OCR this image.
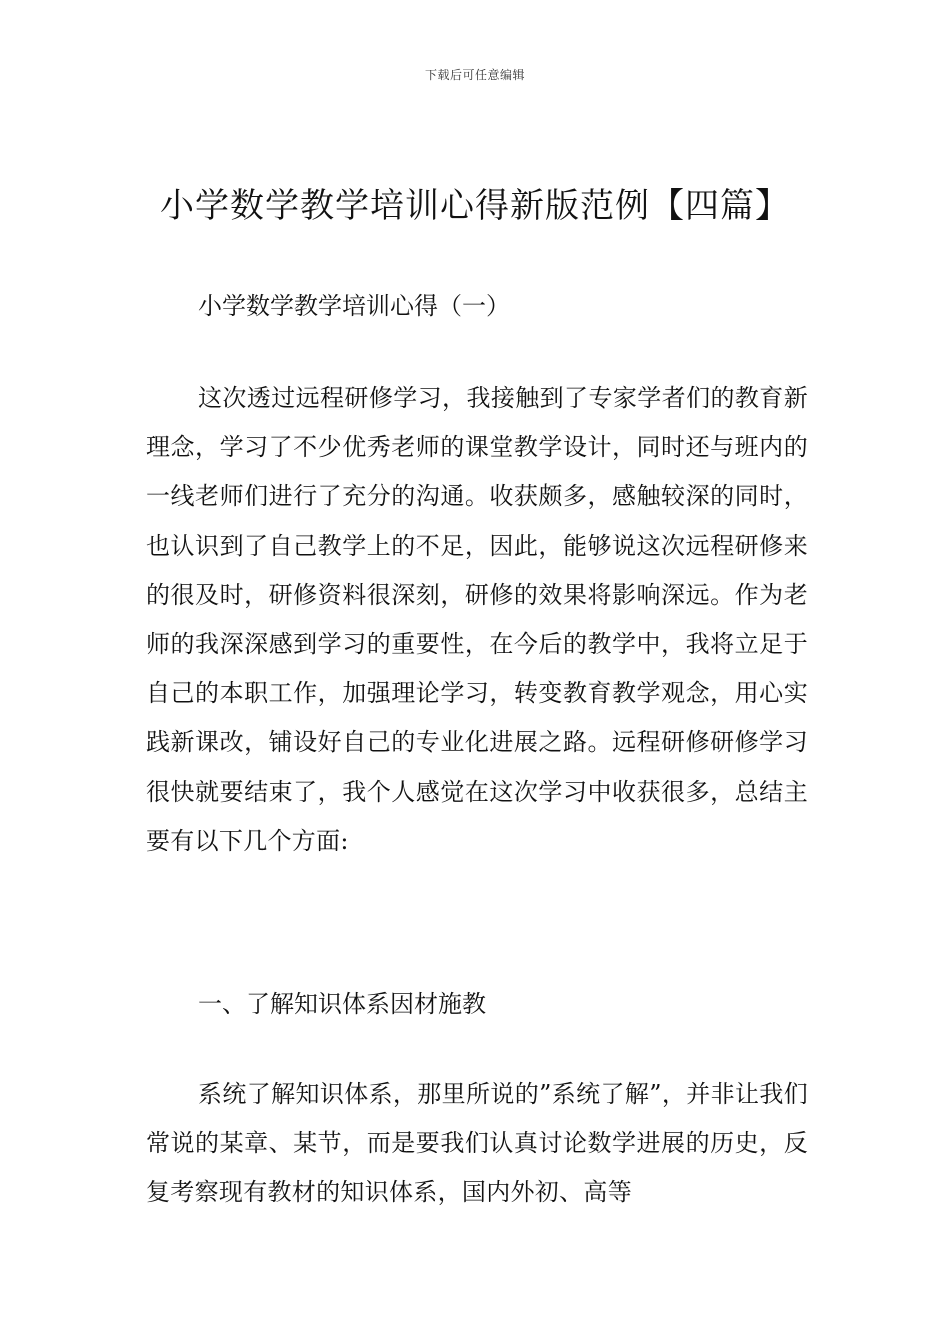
下载后可任意编辑
小学数学教学培训心得新版范例【四篇】

小学数学教学培训心得（一）

这次透过远程研修学习，我接触到了专家学者们的教育新理念，学习了不少优秀老师的课堂教学设计，同时还与班内的一线老师们进行了充分的沟通。收获颇多，感触较深的同时，也认识到了自己教学上的不足，因此，能够说这次远程研修来的很及时，研修资料很深刻，研修的效果将影响深远。作为老师的我深深感到学习的重要性，在今后的教学中，我将立足于自己的本职工作，加强理论学习，转变教育教学观念，用心实践新课改，铺设好自己的专业化进展之路。远程研修研修学习很快就要结束了，我个人感觉在这次学习中收获很多，总结主要有以下几个方面:

一、了解知识体系因材施教

系统了解知识体系，那里所说的”系统了解”，并非让我们常说的某章、某节，而是要我们认真讨论数学进展的历史，反复考察现有教材的知识体系，国内外初、高等
